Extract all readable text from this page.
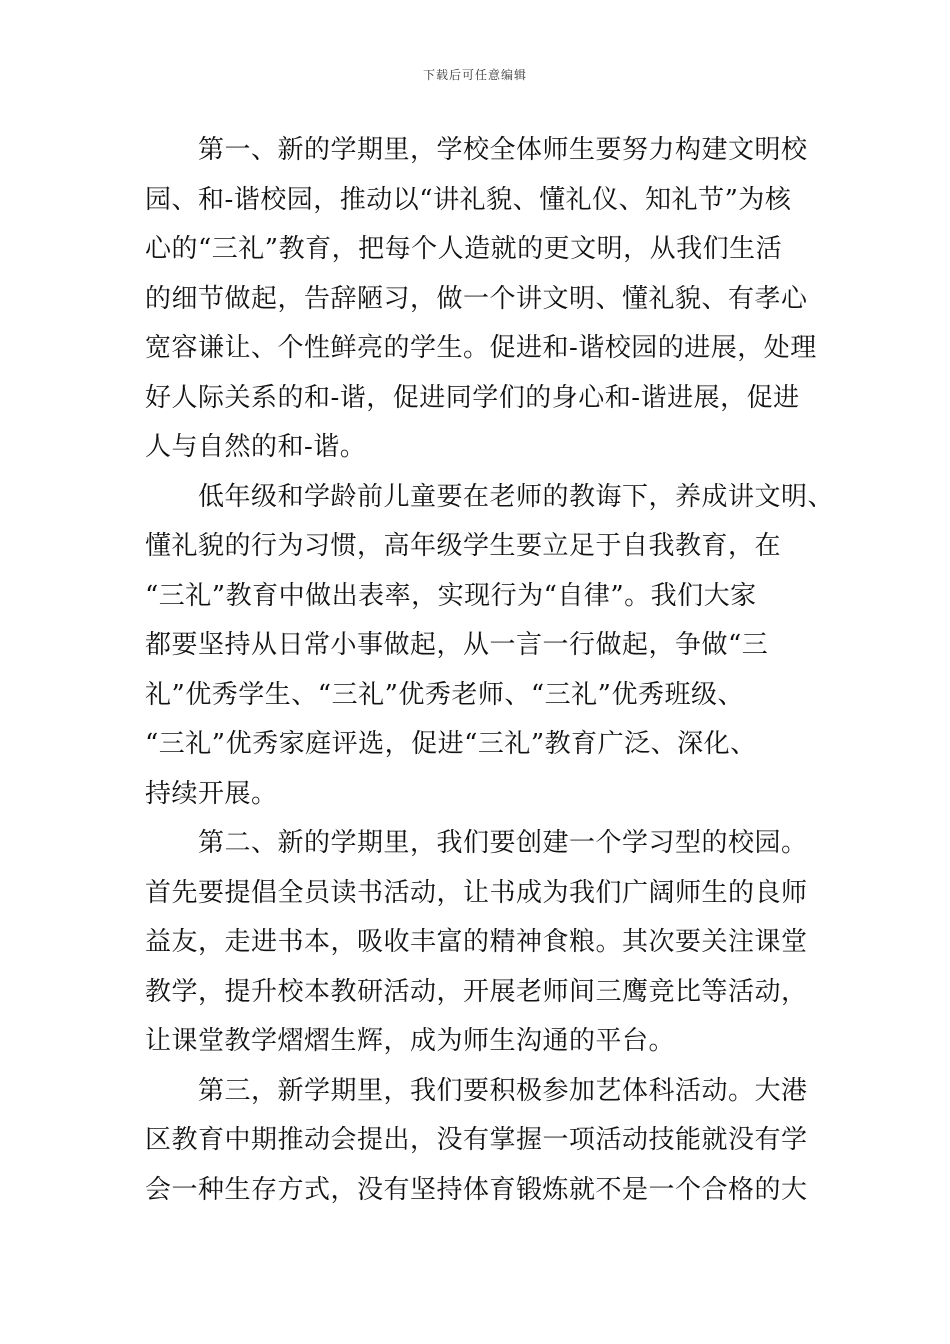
下载后可任意编辑
　　第一、新的学期里，学校全体师生要努力构建文明校
园、和-谐校园，推动以“讲礼貌、懂礼仪、知礼节”为核
心的“三礼”教育，把每个人造就的更文明，从我们生活
的细节做起，告辞陋习，做一个讲文明、懂礼貌、有孝心
宽容谦让、个性鲜亮的学生。促进和-谐校园的进展，处理
好人际关系的和-谐，促进同学们的身心和-谐进展，促进
人与自然的和-谐。
　　低年级和学龄前儿童要在老师的教诲下，养成讲文明、
懂礼貌的行为习惯，高年级学生要立足于自我教育，在
“三礼”教育中做出表率，实现行为“自律”。我们大家
都要坚持从日常小事做起，从一言一行做起，争做“三
礼”优秀学生、“三礼”优秀老师、“三礼”优秀班级、
“三礼”优秀家庭评选，促进“三礼”教育广泛、深化、
持续开展。
　　第二、新的学期里，我们要创建一个学习型的校园。
首先要提倡全员读书活动，让书成为我们广阔师生的良师
益友，走进书本，吸收丰富的精神食粮。其次要关注课堂
教学，提升校本教研活动，开展老师间三鹰竞比等活动，
让课堂教学熠熠生辉，成为师生沟通的平台。
　　第三，新学期里，我们要积极参加艺体科活动。大港
区教育中期推动会提出，没有掌握一项活动技能就没有学
会一种生存方式，没有坚持体育锻炼就不是一个合格的大
